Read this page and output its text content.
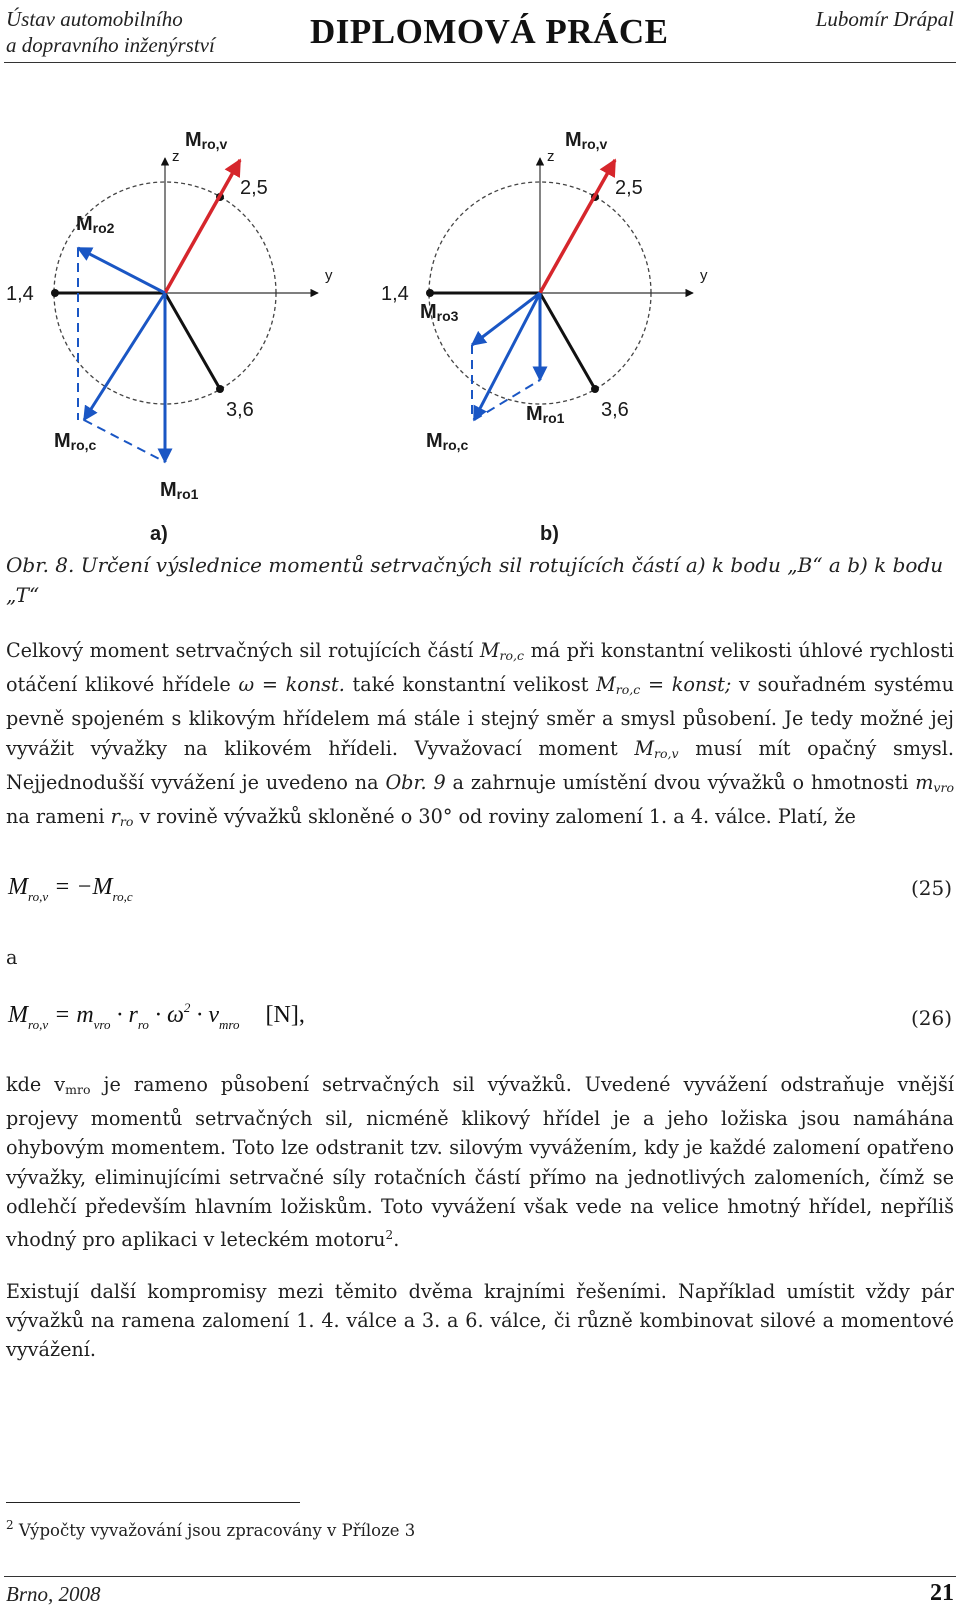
Ústav automobilního
a dopravního inženýrství	DIPLOMOVÁ PRÁCE	Lubomír Drápal
z
y
2,5
1,4
3,6
Mro,v
Mro2
Mro,c
Mro1
a)
z
y
2,5
1,4
3,6
Mro,v
Mro3
Mro,c
Mro1
b)
Obr. 8. Určení výslednice momentů setrvačných sil rotujících částí a) k bodu „B“ a b) k bodu „T“
Celkový moment setrvačných sil rotujících částí $M_{ro,c}$ má při konstantní velikosti úhlové rychlosti otáčení klikové hřídele ω = konst. také konstantní velikost $M_{ro,c}$ = konst; v souřadném systému pevně spojeném s klikovým hřídelem má stále i stejný směr a smysl působení. Je tedy možné jej vyvážit vývažky na klikovém hřídeli. Vyvažovací moment $M_{ro,v}$ musí mít opačný smysl. Nejjednodušší vyvážení je uvedeno na Obr. 9 a zahrnuje umístění dvou vývažků o hmotnosti $m_{vro}$ na rameni $r_{ro}$ v rovině vývažků skloněné o 30° od roviny zalomení 1. a 4. válce. Platí, že
$M_{ro,v} = -M_{ro,c}$	(25)
a
$M_{ro,v} = m_{vro} \cdot r_{ro} \cdot \omega^2 \cdot v_{mro}$ [N],	(26)
kde vmro je rameno působení setrvačných sil vývažků. Uvedené vyvážení odstraňuje vnější projevy momentů setrvačných sil, nicméně klikový hřídel je a jeho ložiska jsou namáhána ohybovým momentem. Toto lze odstranit tzv. silovým vyvážením, kdy je každé zalomení opatřeno vývažky, eliminujícími setrvačné síly rotačních částí přímo na jednotlivých zalomeních, čímž se odlehčí především hlavním ložiskům. Toto vyvážení však vede na velice hmotný hřídel, nepříliš vhodný pro aplikaci v leteckém motoru$^2$.
Existují další kompromisy mezi těmito dvěma krajními řešeními. Například umístit vždy pár vývažků na ramena zalomení 1. 4. válce a 3. a 6. válce, či různě kombinovat silové a momentové vyvážení.
$^2$ Výpočty vyvažování jsou zpracovány v Příloze 3
Brno, 2008	21
